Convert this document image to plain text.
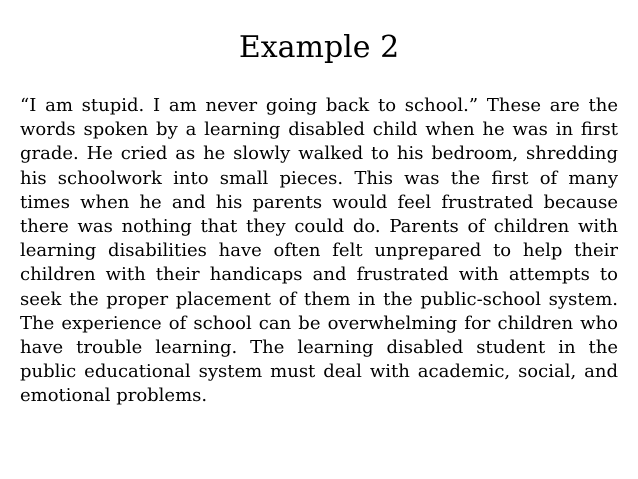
Example 2

“I am stupid. I am never going back to school.” These are the words spoken by a learning disabled child when he was in first grade. He cried as he slowly walked to his bedroom, shredding his schoolwork into small pieces. This was the first of many times when he and his parents would feel frustrated because there was nothing that they could do. Parents of children with learning disabilities have often felt unprepared to help their children with their handicaps and frustrated with attempts to seek the proper placement of them in the public-school system. The experience of school can be overwhelming for children who have trouble learning. The learning disabled student in the public educational system must deal with academic, social, and emotional problems.
